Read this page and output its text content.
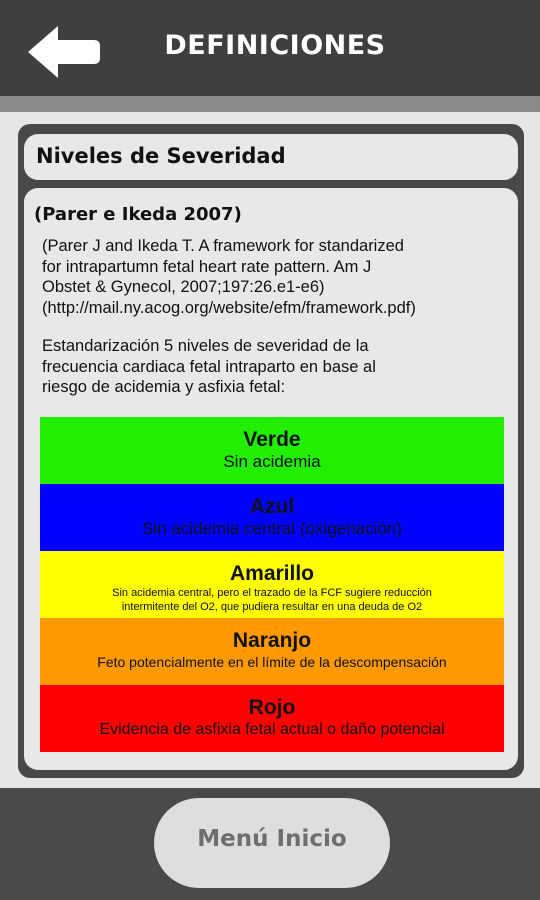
DEFINICIONES
Niveles de Severidad
(Parer e Ikeda 2007)
(Parer J and Ikeda T. A framework for standarized
for intrapartumn fetal heart rate pattern. Am J
Obstet & Gynecol, 2007;197:26.e1-e6)
(http://mail.ny.acog.org/website/efm/framework.pdf)
Estandarización 5 niveles de severidad de la
frecuencia cardiaca fetal intraparto en base al
riesgo de acidemia y asfixia fetal:
Verde
Sin acidemia
Azul
Sin acidemia central (oxigenación)
Amarillo
Sin acidemia central, pero el trazado de la FCF sugiere reducción
intermitente del O2, que pudiera resultar en una deuda de O2
Naranjo
Feto potencialmente en el límite de la descompensación
Rojo
Evidencia de asfixia fetal actual o daño potencial
Menú Inicio
